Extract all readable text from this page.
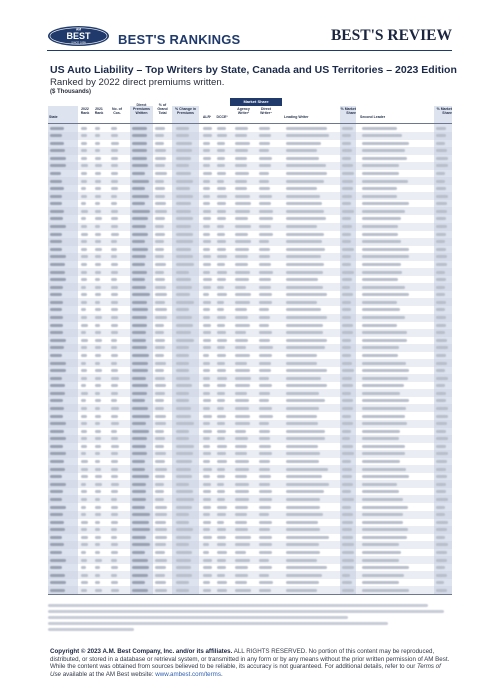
AM
BEST
SINCE 1899 BEST'S RANKINGS	BEST'S REVIEW
US Auto Liability – Top Writers by State, Canada and US Territories – 2023 Edition
Ranked by 2022 direct premiums written.
($ Thousands)
Market Share
State
2022
Rank
2021
Rank
No. of
Cos.
Direct
Premiums
Written
% of
Grand
Total
% Change in
Premiums
ALR¹	DCCE²
Agency
Writer³
Direct
Writer⁴
Leading Writer
% Market
Share
Second Leader
% Market
Share
Copyright © 2023 A.M. Best Company, Inc. and/or its affiliates. ALL RIGHTS RESERVED. No portion of this content may be reproduced, distributed, or stored in a database or retrieval system, or transmitted in any form or by any means without the prior written permission of AM Best. While the content was obtained from sources believed to be reliable, its accuracy is not guaranteed. For additional details, refer to our Terms of Use available at the AM Best website: www.ambest.com/terms.
